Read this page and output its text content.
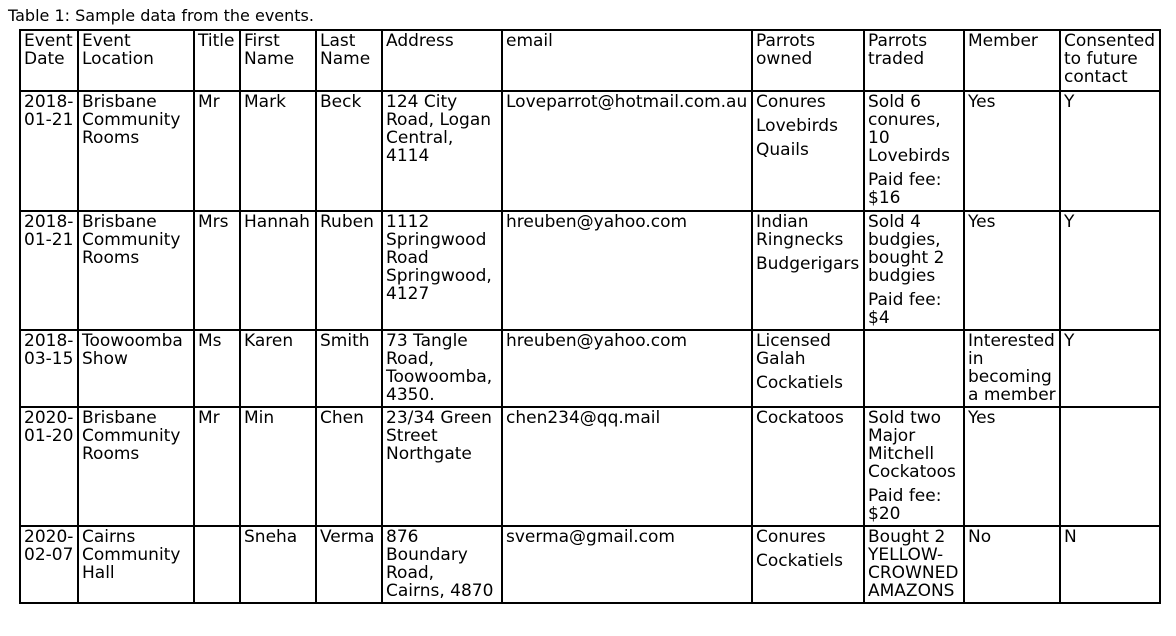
Table 1: Sample data from the events.

Event Date	Event Location	Title	First Name	Last Name	Address	email	Parrots owned	Parrots traded	Member	Consented to future contact
2018-01-21	Brisbane Community Rooms	Mr	Mark	Beck	124 City Road, Logan Central, 4114	Loveparrot@hotmail.com.au	Conures
Lovebirds
Quails	Sold 6 conures, 10 Lovebirds
Paid fee: $16	Yes	Y
2018-01-21	Brisbane Community Rooms	Mrs	Hannah	Ruben	1112 Springwood Road Springwood, 4127	hreuben@yahoo.com	Indian Ringnecks
Budgerigars	Sold 4 budgies, bought 2 budgies
Paid fee: $4	Yes	Y
2018-03-15	Toowoomba Show	Ms	Karen	Smith	73 Tangle Road, Toowoomba, 4350.	hreuben@yahoo.com	Licensed Galah
Cockatiels		Interested in becoming a member	Y
2020-01-20	Brisbane Community Rooms	Mr	Min	Chen	23/34 Green Street Northgate	chen234@qq.mail	Cockatoos	Sold two Major Mitchell Cockatoos
Paid fee: $20	Yes	
2020-02-07	Cairns Community Hall		Sneha	Verma	876 Boundary Road, Cairns, 4870	sverma@gmail.com	Conures
Cockatiels	Bought 2 YELLOW-CROWNED AMAZONS	No	N
